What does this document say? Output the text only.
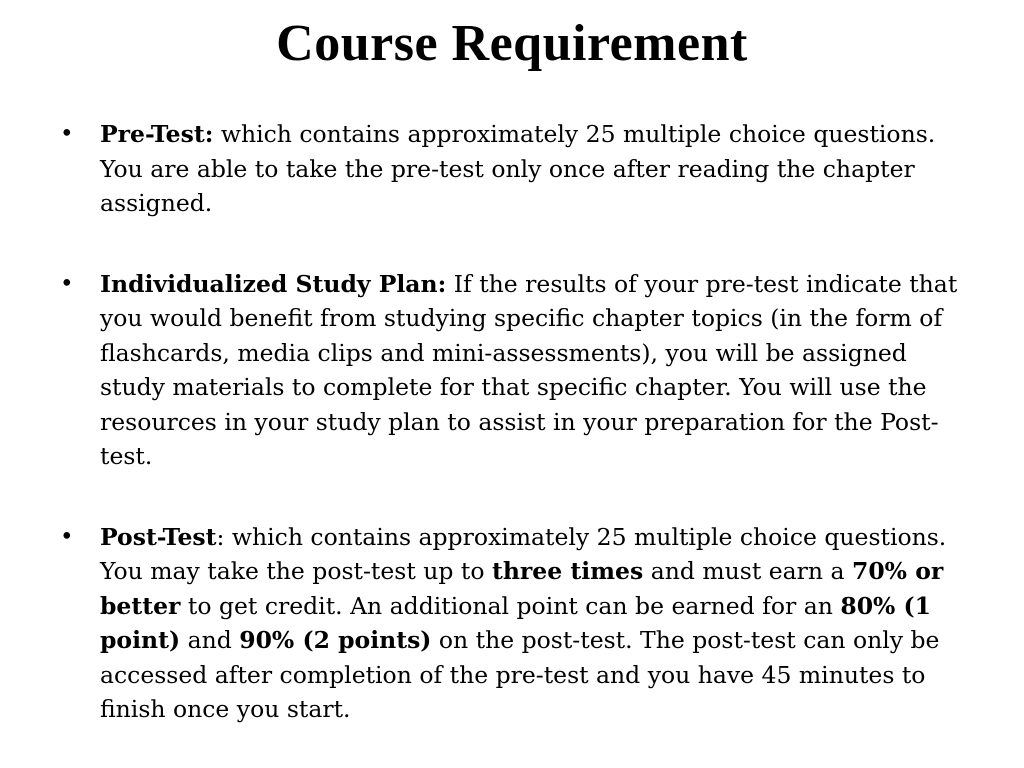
Course Requirement
• Pre-Test: which contains approximately 25 multiple choice questions. You are able to take the pre-test only once after reading the chapter assigned.
• Individualized Study Plan: If the results of your pre-test indicate that you would benefit from studying specific chapter topics (in the form of flashcards, media clips and mini-assessments), you will be assigned study materials to complete for that specific chapter. You will use the resources in your study plan to assist in your preparation for the Post-test.
• Post-Test: which contains approximately 25 multiple choice questions. You may take the post-test up to three times and must earn a 70% or better to get credit. An additional point can be earned for an 80% (1 point) and 90% (2 points) on the post-test. The post-test can only be accessed after completion of the pre-test and you have 45 minutes to finish once you start.
